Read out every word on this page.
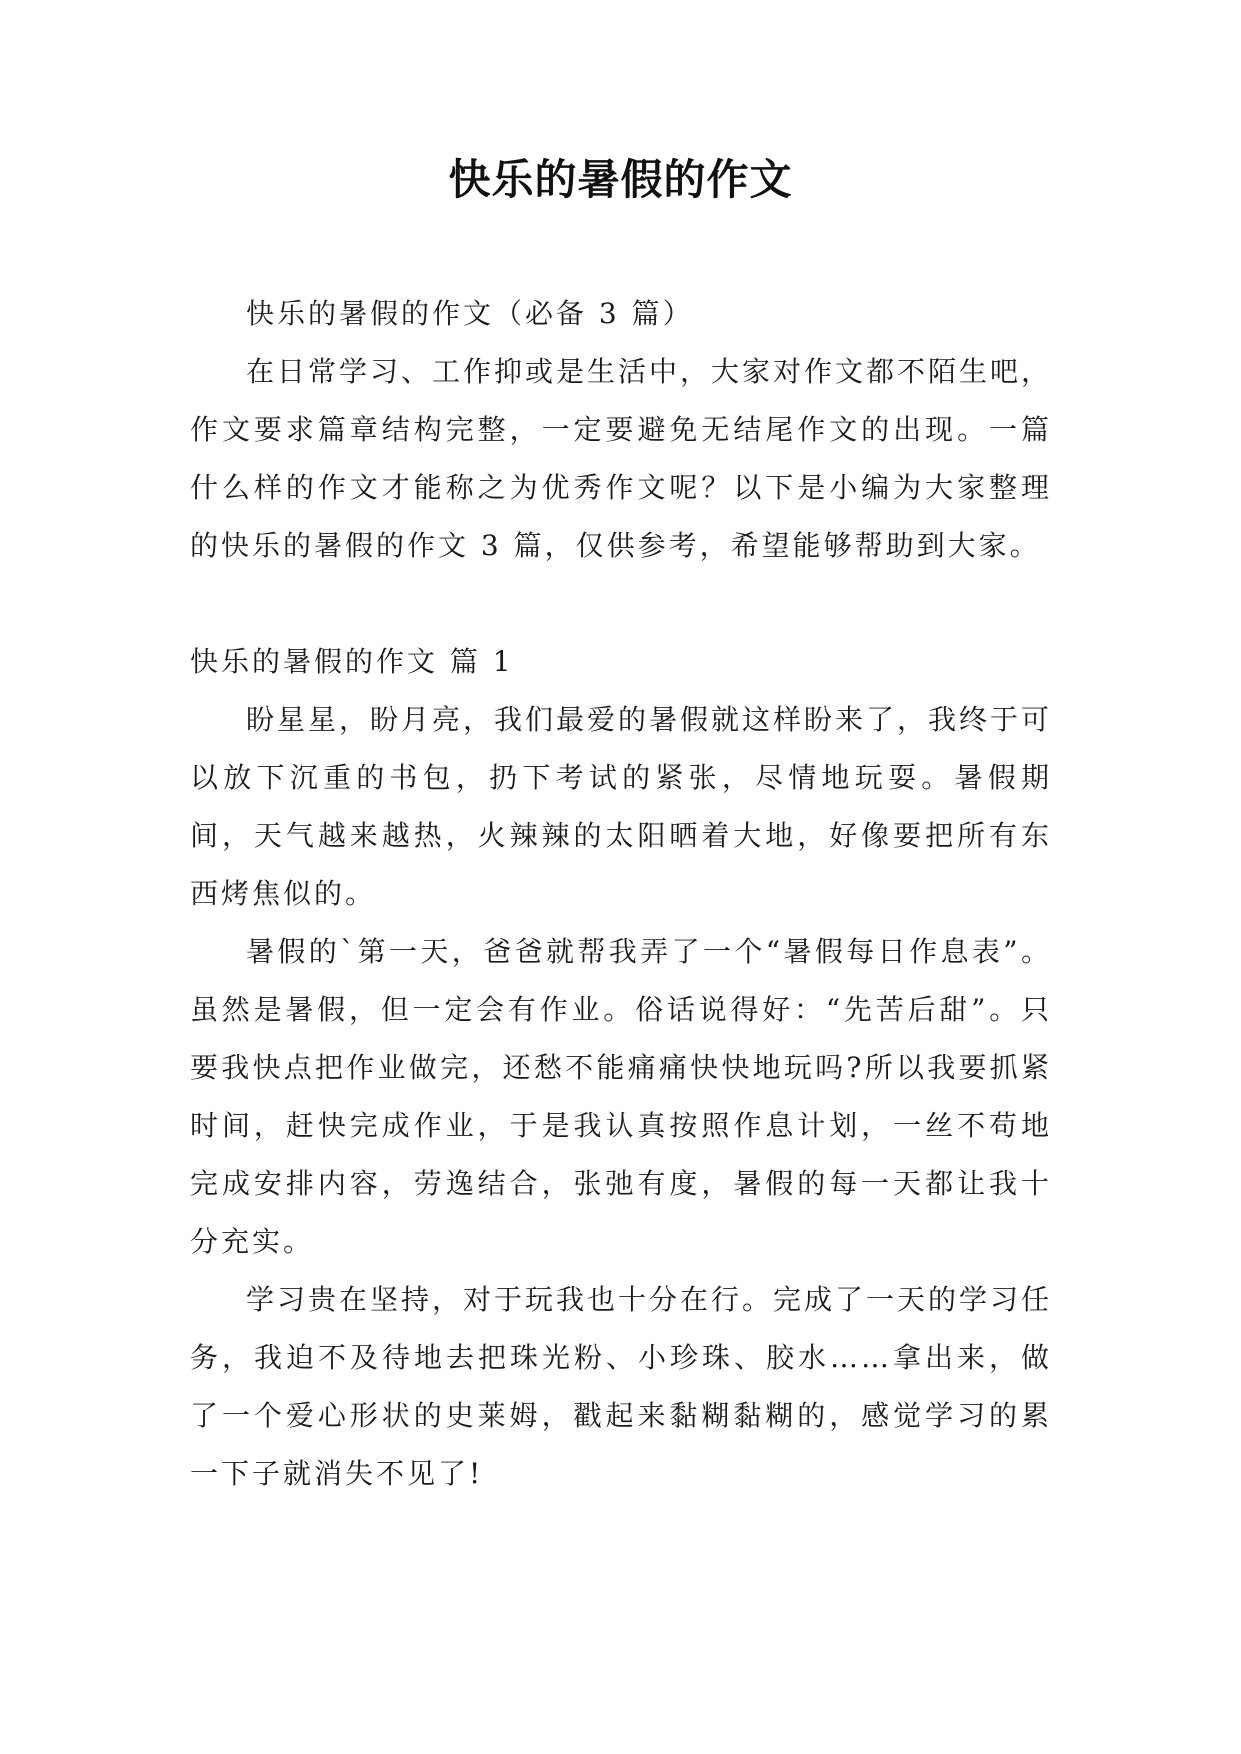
快乐的暑假的作文

快乐的暑假的作文（必备 3 篇）

在日常学习、工作抑或是生活中，大家对作文都不陌生吧，作文要求篇章结构完整，一定要避免无结尾作文的出现。一篇什么样的作文才能称之为优秀作文呢？以下是小编为大家整理的快乐的暑假的作文 3 篇，仅供参考，希望能够帮助到大家。

快乐的暑假的作文 篇 1

盼星星，盼月亮，我们最爱的暑假就这样盼来了，我终于可以放下沉重的书包，扔下考试的紧张，尽情地玩耍。暑假期间，天气越来越热，火辣辣的太阳晒着大地，好像要把所有东西烤焦似的。

暑假的`第一天，爸爸就帮我弄了一个“暑假每日作息表”。虽然是暑假，但一定会有作业。俗话说得好：“先苦后甜”。只要我快点把作业做完，还愁不能痛痛快快地玩吗?所以我要抓紧时间，赶快完成作业，于是我认真按照作息计划，一丝不苟地完成安排内容，劳逸结合，张弛有度，暑假的每一天都让我十分充实。

学习贵在坚持，对于玩我也十分在行。完成了一天的学习任务，我迫不及待地去把珠光粉、小珍珠、胶水……拿出来，做了一个爱心形状的史莱姆，戳起来黏糊黏糊的，感觉学习的累一下子就消失不见了!
